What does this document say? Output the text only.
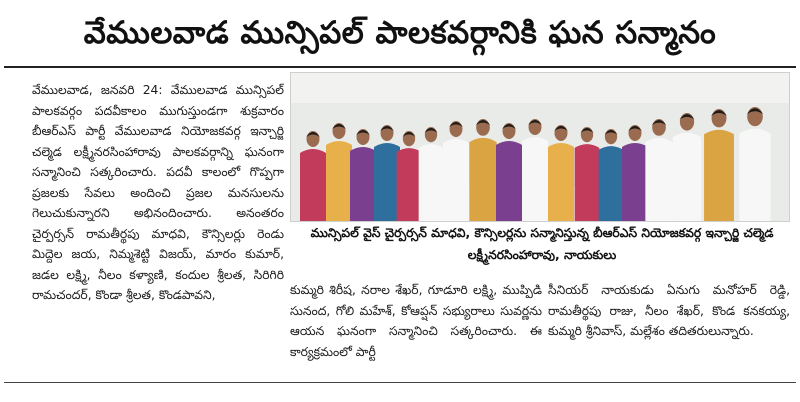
వేములవాడ మున్సిపల్ పాలకవర్గానికి ఘన సన్మానం
వేములవాడ, జనవరి 24: వేములవాడ మున్సిపల్ పాలకవర్గం పదవీకాలం ముగుస్తుండగా శుక్రవారం బీఆర్ఎస్ పార్టీ వేములవాడ నియోజకవర్గ ఇన్చార్జి చల్మెడ లక్ష్మీనరసింహారావు పాలకవర్గాన్ని ఘనంగా సన్మానించి సత్కరించారు. పదవీ కాలంలో గొప్పగా ప్రజలకు సేవలు అందించి ప్రజల మనసులను గెలుచుకున్నారని అభినందించారు. అనంతరం చైర్పర్సన్ రామతీర్థపు మాధవి, కౌన్సిలర్లు రెండు మిద్దెల జయ, నిమ్మశెట్టి విజయ్, మారం కుమార్, జడల లక్ష్మి, నీలం కళ్యాణి, కందుల శ్రీలత, సిరిగిరి రామచందర్, కొండా శ్రీలత, కొండపావని,
మున్సిపల్ వైస్ చైర్పర్సన్ మాధవి, కౌన్సిలర్లను సన్మానిస్తున్న బీఆర్ఎస్ నియోజకవర్గ ఇన్చార్జి చల్మెడ లక్ష్మీనరసింహారావు, నాయకులు
కుమ్మరి శిరీష, నరాల శేఖర్, గూడూరి లక్ష్మి, ముప్పిడి సునంద, గోలి మహేశ్, కోఆప్షన్ సభ్యురాలు సువర్ణను ఆయన ఘనంగా సన్మానించి సత్కరించారు. ఈ కార్యక్రమంలో పార్టీ
సీనియర్ నాయకుడు ఏనుగు మనోహర్ రెడ్డి, రామతీర్థపు రాజు, నీలం శేఖర్, కొండ కనకయ్య, కుమ్మరి శ్రీనివాస్, మల్లేశం తదితరులున్నారు.
